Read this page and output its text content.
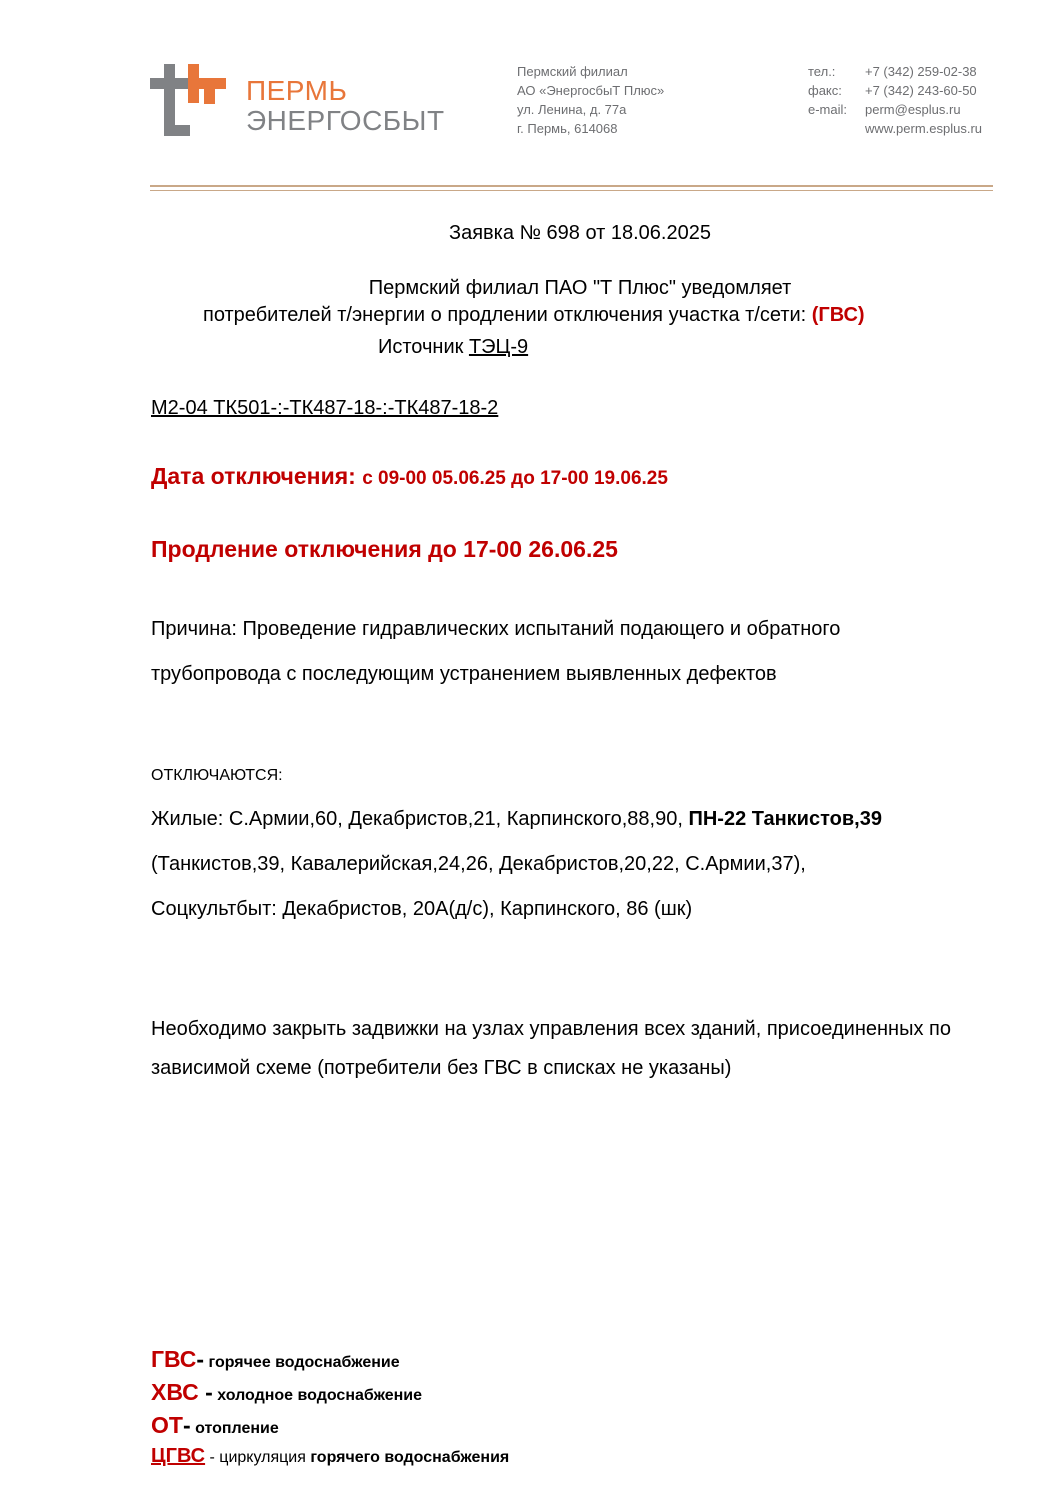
ПЕРМЬ
ЭНЕРГОСБЫТ
Пермский филиал
АО «ЭнергосбыТ Плюс»
ул. Ленина, д. 77а
г. Пермь, 614068
тел.:	+7 (342) 259-02-38
факс:	+7 (342) 243-60-50
e-mail:	perm@esplus.ru
www.perm.esplus.ru
Заявка № 698 от 18.06.2025
Пермский филиал ПАО "Т Плюс" уведомляет
потребителей т/энергии о продлении отключения участка т/сети: (ГВС)
Источник ТЭЦ-9
М2-04 ТК501-:-ТК487-18-:-ТК487-18-2
Дата отключения: с 09-00 05.06.25 до 17-00 19.06.25
Продление отключения до 17-00 26.06.25
Причина: Проведение гидравлических испытаний подающего и обратного
трубопровода с последующим устранением выявленных дефектов
ОТКЛЮЧАЮТСЯ:
Жилые: С.Армии,60, Декабристов,21, Карпинского,88,90, ПН-22 Танкистов,39
(Танкистов,39, Кавалерийская,24,26, Декабристов,20,22, С.Армии,37),
Соцкультбыт: Декабристов, 20А(д/с), Карпинского, 86 (шк)
Необходимо закрыть задвижки на узлах управления всех зданий, присоединенных по
зависимой схеме (потребители без ГВС в списках не указаны)
ГВС- горячее водоснабжение
ХВС - холодное водоснабжение
ОТ- отопление
ЦГВС - циркуляция горячего водоснабжения
